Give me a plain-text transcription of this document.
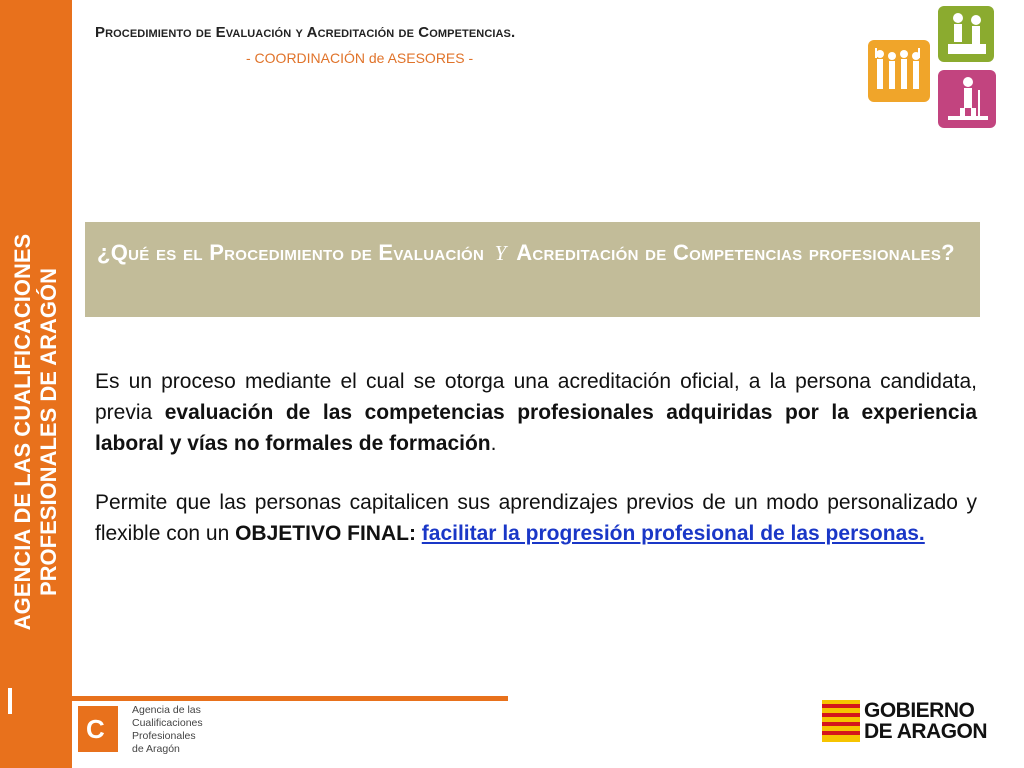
AGENCIA DE LAS CUALIFICACIONES PROFESIONALES DE ARAGÓN
Procedimiento de Evaluación y Acreditación de Competencias.
- COORDINACIÓN de ASESORES -
¿Qué es el Procedimiento de Evaluación y Acreditación de Competencias profesionales?

Es un proceso mediante el cual se otorga una acreditación oficial, a la persona candidata, previa evaluación de las competencias profesionales adquiridas por la experiencia laboral y vías no formales de formación.

Permite que las personas capitalicen sus aprendizajes previos de un modo personalizado y flexible con un OBJETIVO FINAL: facilitar la progresión profesional de las personas.

C
Agencia de las
Cualificaciones
Profesionales
de Aragón
GOBIERNO
DE ARAGON
